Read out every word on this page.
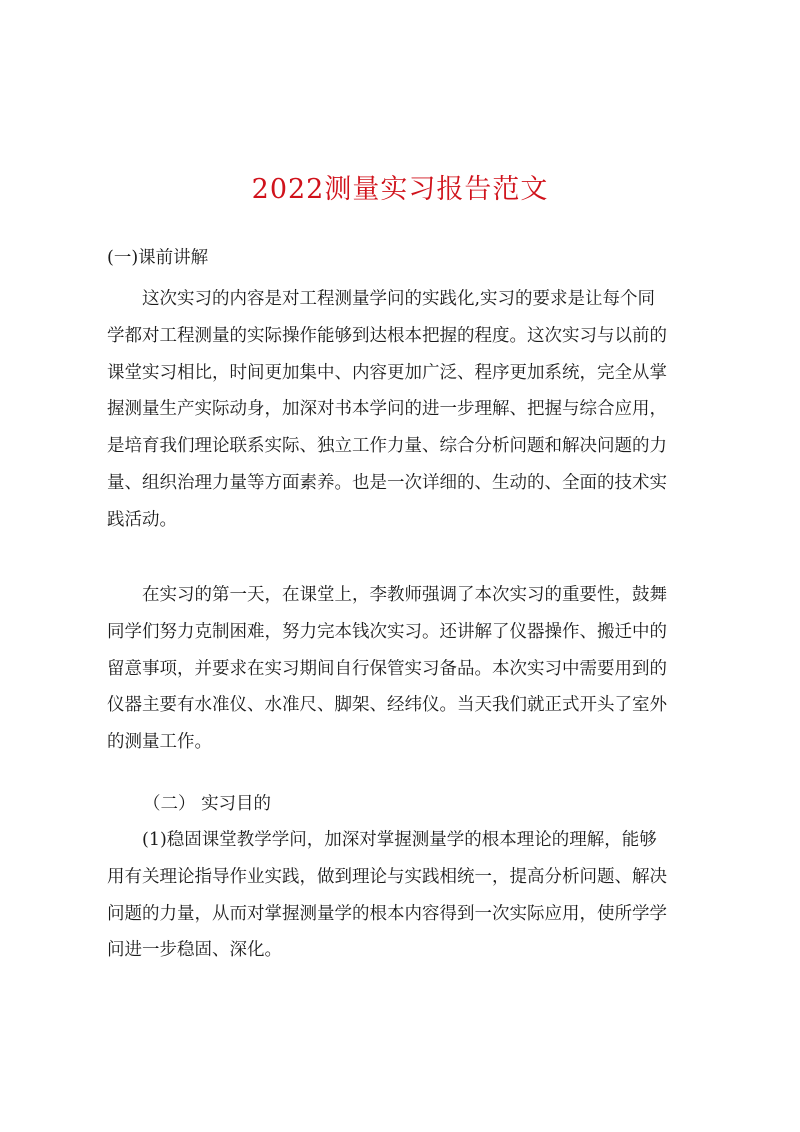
2022测量实习报告范文
(一)课前讲解
　　这次实习的内容是对工程测量学问的实践化,实习的要求是让每个同
学都对工程测量的实际操作能够到达根本把握的程度。这次实习与以前的
课堂实习相比，时间更加集中、内容更加广泛、程序更加系统，完全从掌
握测量生产实际动身，加深对书本学问的进一步理解、把握与综合应用，
是培育我们理论联系实际、独立工作力量、综合分析问题和解决问题的力
量、组织治理力量等方面素养。也是一次详细的、生动的、全面的技术实
践活动。
　　在实习的第一天，在课堂上，李教师强调了本次实习的重要性，鼓舞
同学们努力克制困难，努力完本钱次实习。还讲解了仪器操作、搬迁中的
留意事项，并要求在实习期间自行保管实习备品。本次实习中需要用到的
仪器主要有水准仪、水准尺、脚架、经纬仪。当天我们就正式开头了室外
的测量工作。
（二） 实习目的
　　(1)稳固课堂教学学问，加深对掌握测量学的根本理论的理解，能够
用有关理论指导作业实践，做到理论与实践相统一，提高分析问题、解决
问题的力量，从而对掌握测量学的根本内容得到一次实际应用，使所学学
问进一步稳固、深化。
